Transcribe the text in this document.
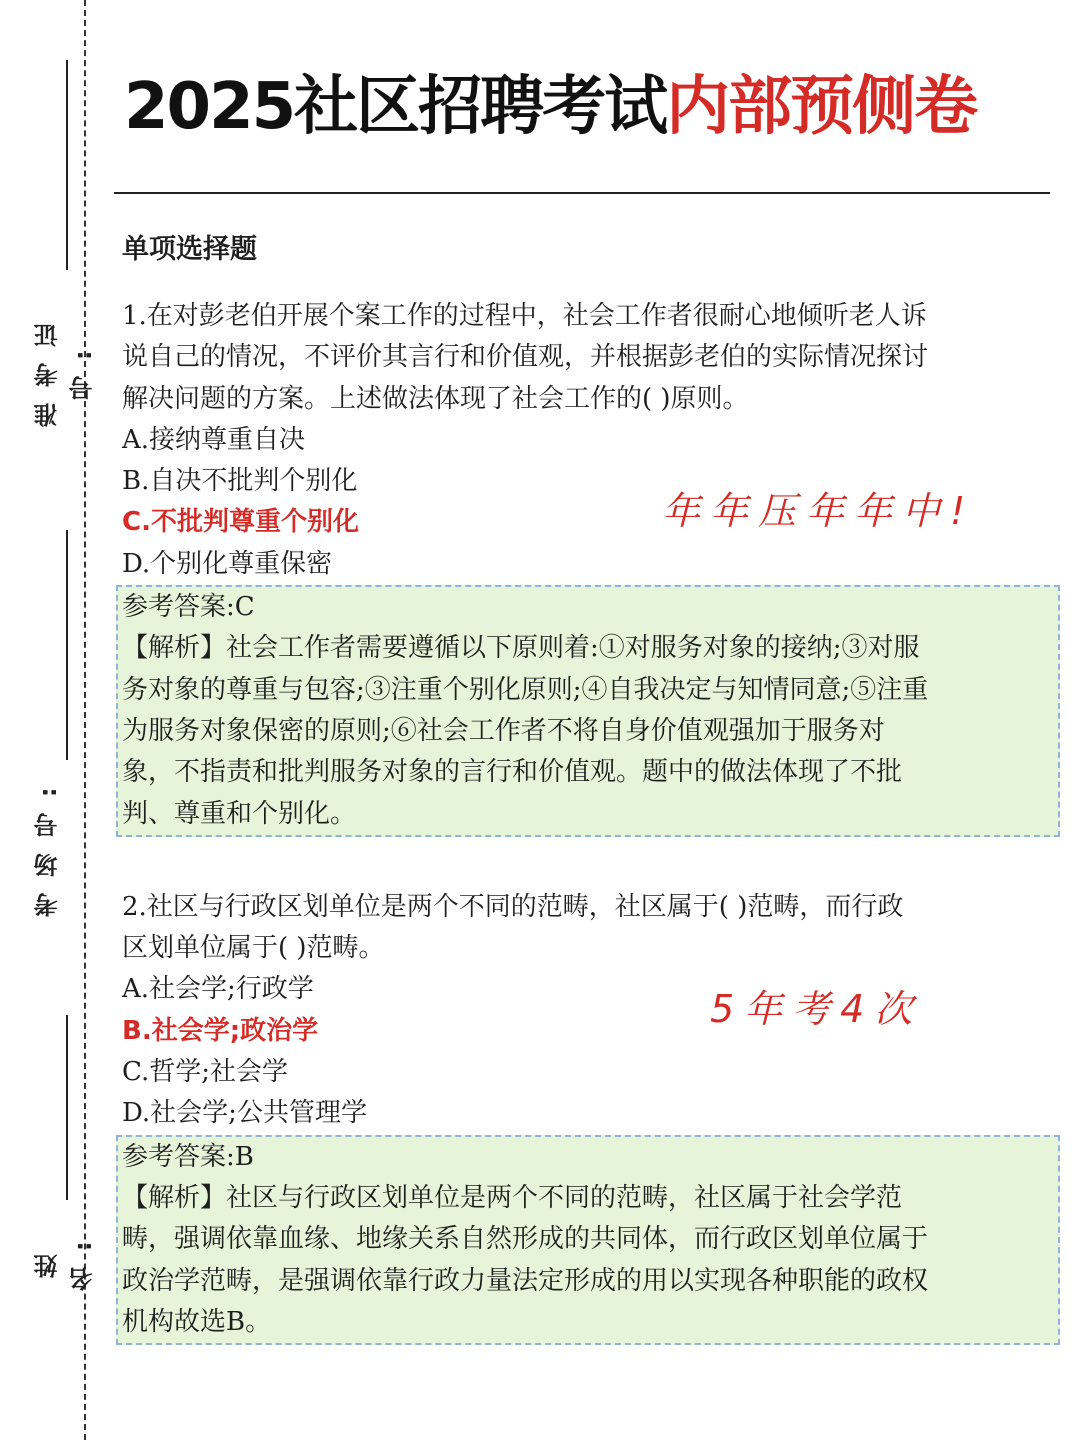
准考证号:
考场号:
姓名:
2025社区招聘考试内部预侧卷
单项选择题
1.在对彭老伯开展个案工作的过程中，社会工作者很耐心地倾听老人诉
说自己的情况，不评价其言行和价值观，并根据彭老伯的实际情况探讨
解决问题的方案。上述做法体现了社会工作的( )原则。
A.接纳尊重自决
B.自决不批判个别化
C.不批判尊重个别化
D.个别化尊重保密
参考答案:C
【解析】社会工作者需要遵循以下原则着:①对服务对象的接纳;③对服
务对象的尊重与包容;③注重个别化原则;④自我决定与知情同意;⑤注重
为服务对象保密的原则;⑥社会工作者不将自身价值观强加于服务对
象，不指责和批判服务对象的言行和价值观。题中的做法体现了不批
判、尊重和个别化。
2.社区与行政区划单位是两个不同的范畴，社区属于( )范畴，而行政
区划单位属于( )范畴。
A.社会学;行政学
B.社会学;政治学
C.哲学;社会学
D.社会学;公共管理学
参考答案:B
【解析】社区与行政区划单位是两个不同的范畴，社区属于社会学范
畴，强调依靠血缘、地缘关系自然形成的共同体，而行政区划单位属于
政治学范畴，是强调依靠行政力量法定形成的用以实现各种职能的政权
机构故选B。
年年压年年中!
5年考4次
